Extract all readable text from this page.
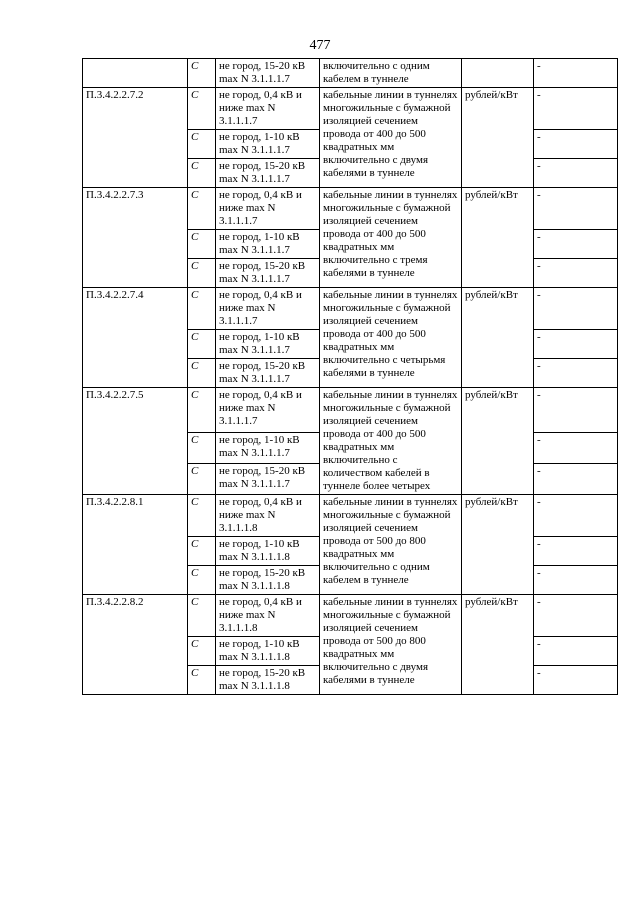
477
	С	не город, 15-20 кВ max N 3.1.1.1.7	включительно с одним кабелем в туннеле		-
П.3.4.2.2.7.2	С	не город, 0,4 кВ и ниже max N 3.1.1.1.7	кабельные линии в туннелях многожильные с бумажной изоляцией сечением провода от 400 до 500 квадратных мм включительно с двумя кабелями в туннеле	рублей/кВт	-
	С	не город, 1-10 кВ max N 3.1.1.1.7			-
	С	не город, 15-20 кВ max N 3.1.1.1.7			-
П.3.4.2.2.7.3	С	не город, 0,4 кВ и ниже max N 3.1.1.1.7	кабельные линии в туннелях многожильные с бумажной изоляцией сечением провода от 400 до 500 квадратных мм включительно с тремя кабелями в туннеле	рублей/кВт	-
	С	не город, 1-10 кВ max N 3.1.1.1.7			-
	С	не город, 15-20 кВ max N 3.1.1.1.7			-
П.3.4.2.2.7.4	С	не город, 0,4 кВ и ниже max N 3.1.1.1.7	кабельные линии в туннелях многожильные с бумажной изоляцией сечением провода от 400 до 500 квадратных мм включительно с четырьмя кабелями в туннеле	рублей/кВт	-
	С	не город, 1-10 кВ max N 3.1.1.1.7			-
	С	не город, 15-20 кВ max N 3.1.1.1.7			-
П.3.4.2.2.7.5	С	не город, 0,4 кВ и ниже max N 3.1.1.1.7	кабельные линии в туннелях многожильные с бумажной изоляцией сечением провода от 400 до 500 квадратных мм включительно с количеством кабелей в туннеле более четырех	рублей/кВт	-
	С	не город, 1-10 кВ max N 3.1.1.1.7			-
	С	не город, 15-20 кВ max N 3.1.1.1.7			-
П.3.4.2.2.8.1	С	не город, 0,4 кВ и ниже max N 3.1.1.1.8	кабельные линии в туннелях многожильные с бумажной изоляцией сечением провода от 500 до 800 квадратных мм включительно с одним кабелем в туннеле	рублей/кВт	-
	С	не город, 1-10 кВ max N 3.1.1.1.8			-
	С	не город, 15-20 кВ max N 3.1.1.1.8			-
П.3.4.2.2.8.2	С	не город, 0,4 кВ и ниже max N 3.1.1.1.8	кабельные линии в туннелях многожильные с бумажной изоляцией сечением провода от 500 до 800 квадратных мм включительно с двумя кабелями в туннеле	рублей/кВт	-
	С	не город, 1-10 кВ max N 3.1.1.1.8			-
	С	не город, 15-20 кВ max N 3.1.1.1.8			-
